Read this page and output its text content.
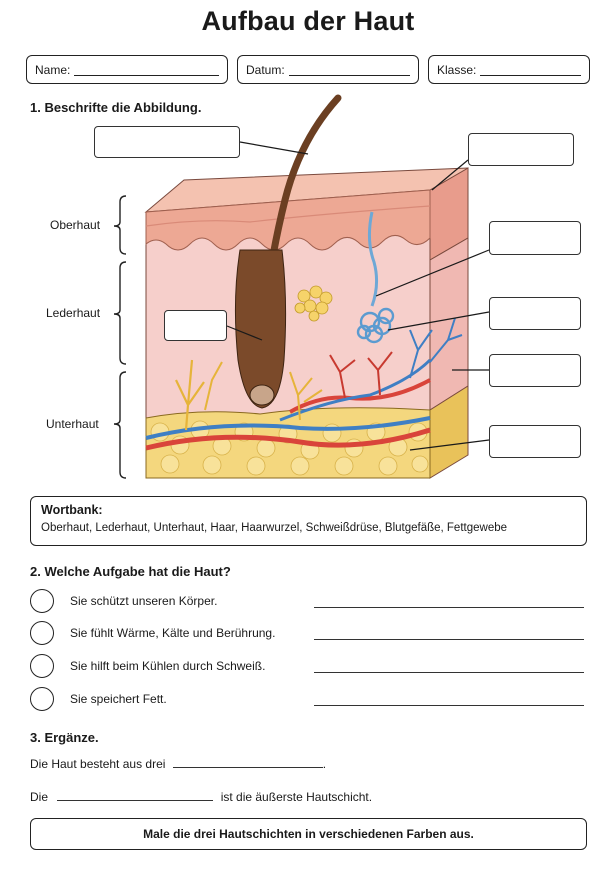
Aufbau der Haut
Name:	Datum:	Klasse:
1. Beschrifte die Abbildung.
Oberhaut
Lederhaut
Unterhaut
Wortbank:
Oberhaut, Lederhaut, Unterhaut, Haar, Haarwurzel, Schweißdrüse, Blutgefäße, Fettgewebe
2. Welche Aufgabe hat die Haut?
Sie schützt unseren Körper.
Sie fühlt Wärme, Kälte und Berührung.
Sie hilft beim Kühlen durch Schweiß.
Sie speichert Fett.
3. Ergänze.
Die Haut besteht aus drei	.
Die	ist die äußerste Hautschicht.
Male die drei Hautschichten in verschiedenen Farben aus.
